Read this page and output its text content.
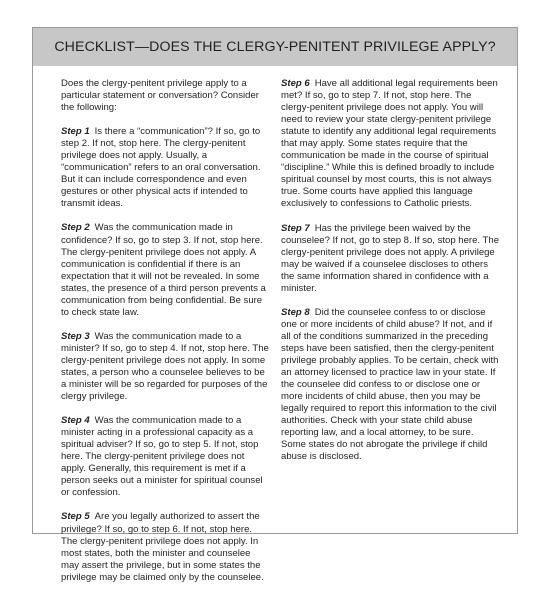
CHECKLIST—DOES THE CLERGY-PENITENT PRIVILEGE APPLY?

Does the clergy-penitent privilege apply to a particular statement or conversation? Consider the following:

Step 1 Is there a “communication”? If so, go to step 2. If not, stop here. The clergy-penitent privilege does not apply. Usually, a “communication” refers to an oral conversation. But it can include correspondence and even gestures or other physical acts if intended to transmit ideas.

Step 2 Was the communication made in confidence? If so, go to step 3. If not, stop here. The clergy-penitent privilege does not apply. A communication is confidential if there is an expectation that it will not be revealed. In some states, the presence of a third person prevents a communication from being confidential. Be sure to check state law.

Step 3 Was the communication made to a minister? If so, go to step 4. If not, stop here. The clergy-penitent privilege does not apply. In some states, a person who a counselee believes to be a minister will be so regarded for purposes of the clergy privilege.

Step 4 Was the communication made to a minister acting in a professional capacity as a spiritual adviser? If so, go to step 5. If not, stop here. The clergy-penitent privilege does not apply. Generally, this requirement is met if a person seeks out a minister for spiritual counsel or confession.

Step 5 Are you legally authorized to assert the privilege? If so, go to step 6. If not, stop here. The clergy-penitent privilege does not apply. In most states, both the minister and counselee may assert the privilege, but in some states the privilege may be claimed only by the counselee.

Step 6 Have all additional legal requirements been met? If so, go to step 7. If not, stop here. The clergy-penitent privilege does not apply. You will need to review your state clergy-penitent privilege statute to identify any additional legal requirements that may apply. Some states require that the communication be made in the course of spiritual “discipline.” While this is defined broadly to include spiritual counsel by most courts, this is not always true. Some courts have applied this language exclusively to confessions to Catholic priests.

Step 7 Has the privilege been waived by the counselee? If not, go to step 8. If so, stop here. The clergy-penitent privilege does not apply. A privilege may be waived if a counselee discloses to others the same information shared in confidence with a minister.

Step 8 Did the counselee confess to or disclose one or more incidents of child abuse? If not, and if all of the conditions summarized in the preceding steps have been satisfied, then the clergy-penitent privilege probably applies. To be certain, check with an attorney licensed to practice law in your state. If the counselee did confess to or disclose one or more incidents of child abuse, then you may be legally required to report this information to the civil authorities. Check with your state child abuse reporting law, and a local attorney, to be sure. Some states do not abrogate the privilege if child abuse is disclosed.
